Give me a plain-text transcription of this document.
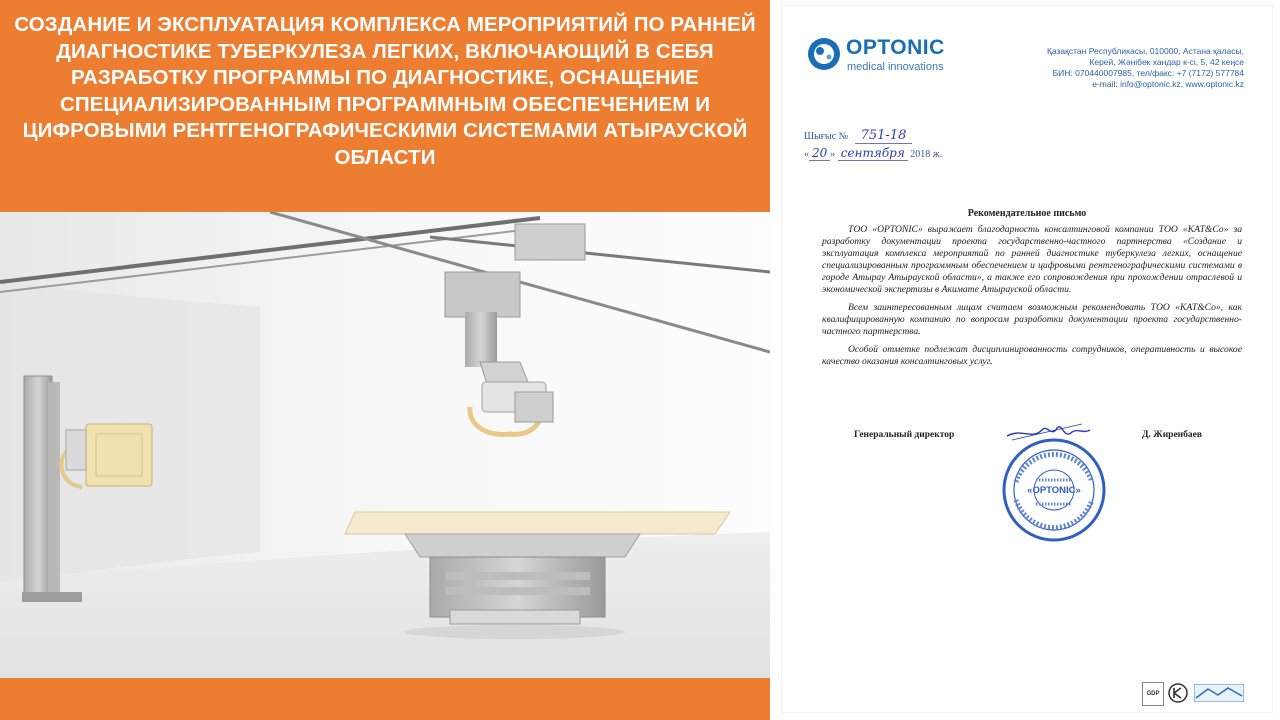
СОЗДАНИЕ И ЭКСПЛУАТАЦИЯ КОМПЛЕКСА МЕРОПРИЯТИЙ ПО РАННЕЙ ДИАГНОСТИКЕ ТУБЕРКУЛЕЗА ЛЕГКИХ, ВКЛЮЧАЮЩИЙ В СЕБЯ РАЗРАБОТКУ ПРОГРАММЫ ПО ДИАГНОСТИКЕ, ОСНАЩЕНИЕ СПЕЦИАЛИЗИРОВАННЫМ ПРОГРАММНЫМ ОБЕСПЕЧЕНИЕМ И ЦИФРОВЫМИ РЕНТГЕНОГРАФИЧЕСКИМИ СИСТЕМАМИ АТЫРАУСКОЙ ОБЛАСТИ
OPTONIC
medical innovations
Қазақстан Республикасы, 010000, Астана қаласы,
Керей, Жәнібек хандар к-сі, 5, 42 кеңсе
БИН: 070440007985, тел/факс: +7 (7172) 577784
e-mail: info@optonic.kz, www.optonic.kz
Шығыс № 751-18
« 20 » сентября 2018 ж.
Рекомендательное письмо

ТОО «OPTONIC» выражает благодарность консалтинговой компании ТОО «KAT&Co» за разработку документации проекта государственно-частного партнерства «Создание и эксплуатация комплекса мероприятий по ранней диагностике туберкулеза легких, оснащение специализированным программным обеспечением и цифровыми рентгенографическими системами в городе Атырау Атырауской области», а также его сопровождения при прохождении отраслевой и экономической экспертизы в Акимате Атырауской области.

Всем заинтересованным лицам считаем возможным рекомендовать ТОО «KAT&Co», как квалифицированную компанию по вопросам разработки документации проекта государственно-частного партнерства.

Особой отметке подлежат дисциплинированность сотрудников, оперативность и высокое качество оказания консалтинговых услуг.

Генеральный директор	Д. Жиренбаев
«OPTONIC»
GDP
